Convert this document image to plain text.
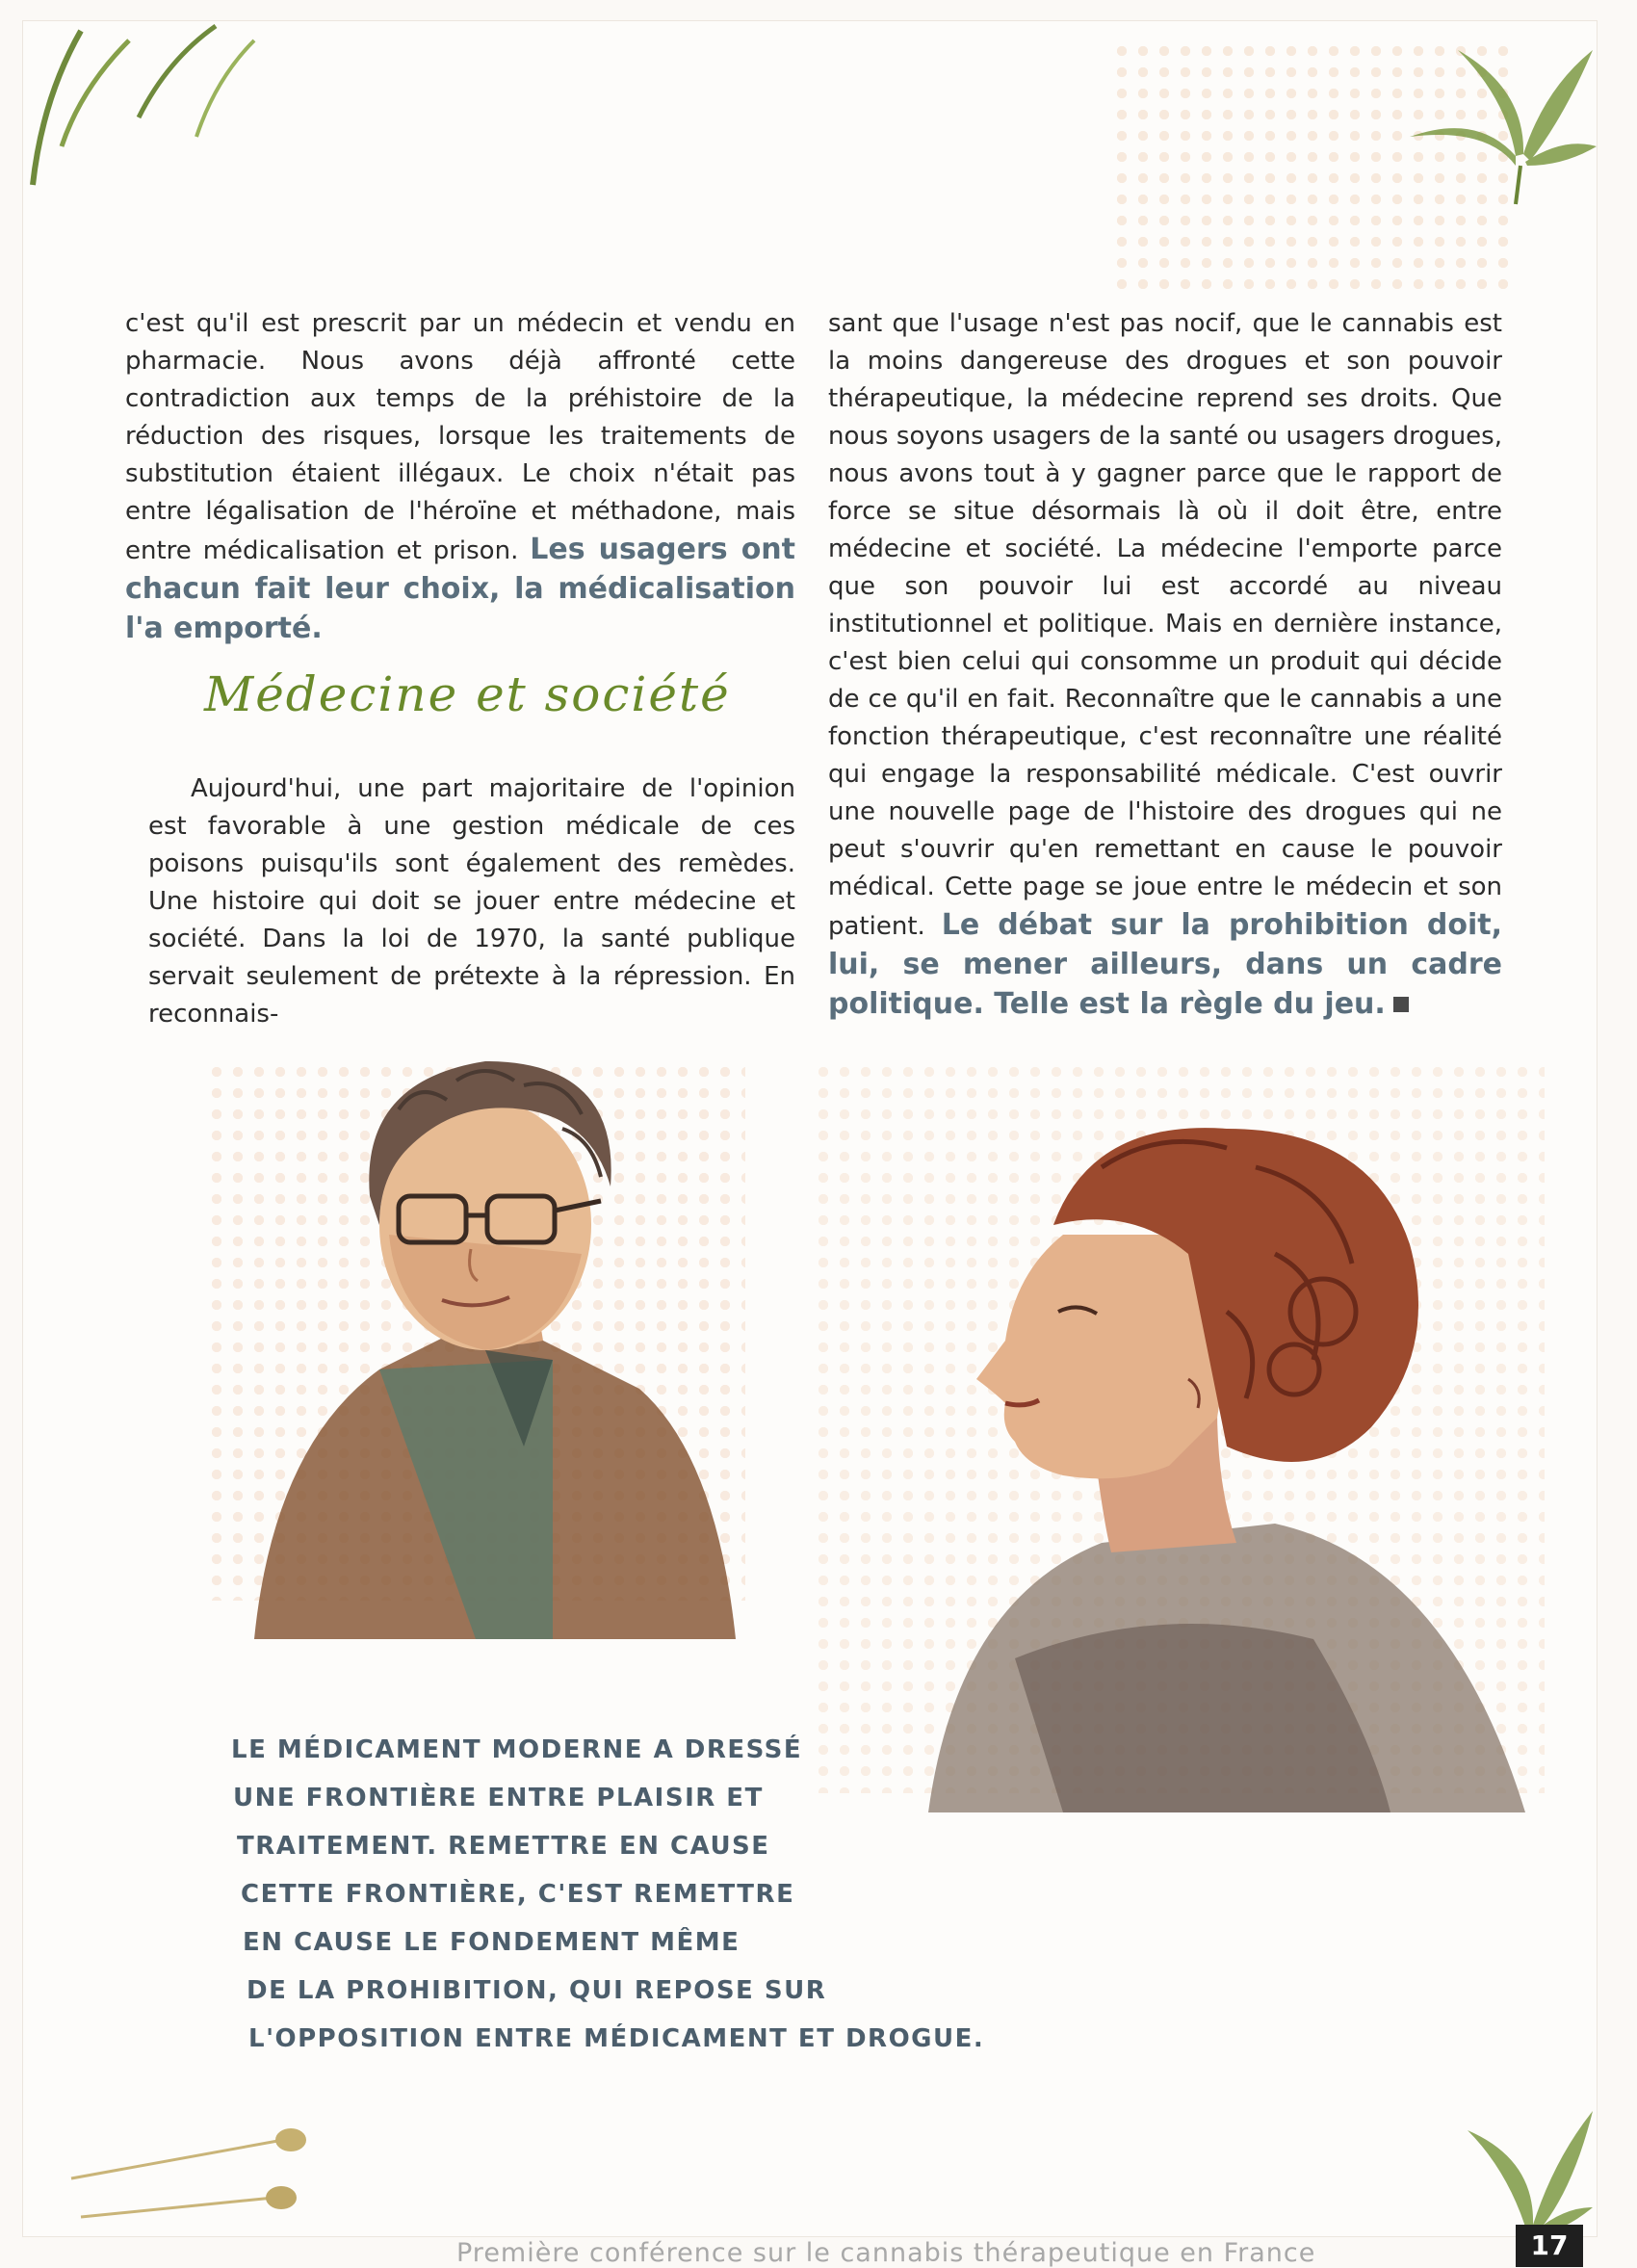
c'est qu'il est prescrit par un médecin et vendu en pharmacie. Nous avons déjà affronté cette contradiction aux temps de la préhistoire de la réduction des risques, lorsque les traitements de substitution étaient illégaux. Le choix n'était pas entre légalisation de l'héroïne et méthadone, mais entre médicalisation et prison. Les usagers ont chacun fait leur choix, la médicalisation l'a emporté.

Médecine et société

Aujourd'hui, une part majoritaire de l'opinion est favorable à une gestion médicale de ces poisons puisqu'ils sont également des remèdes. Une histoire qui doit se jouer entre médecine et société. Dans la loi de 1970, la santé publique servait seulement de prétexte à la répression. En reconnais-

sant que l'usage n'est pas nocif, que le cannabis est la moins dangereuse des drogues et son pouvoir thérapeutique, la médecine reprend ses droits. Que nous soyons usagers de la santé ou usagers drogues, nous avons tout à y gagner parce que le rapport de force se situe désormais là où il doit être, entre médecine et société. La médecine l'emporte parce que son pouvoir lui est accordé au niveau institutionnel et politique. Mais en dernière instance, c'est bien celui qui consomme un produit qui décide de ce qu'il en fait. Reconnaître que le cannabis a une fonction thérapeutique, c'est reconnaître une réalité qui engage la responsabilité médicale. C'est ouvrir une nouvelle page de l'histoire des drogues qui ne peut s'ouvrir qu'en remettant en cause le pouvoir médical. Cette page se joue entre le médecin et son patient. Le débat sur la prohibition doit, lui, se mener ailleurs, dans un cadre politique. Telle est la règle du jeu.

LE MÉDICAMENT MODERNE A DRESSÉ
UNE FRONTIÈRE ENTRE PLAISIR ET
TRAITEMENT. REMETTRE EN CAUSE
CETTE FRONTIÈRE, C'EST REMETTRE
EN CAUSE LE FONDEMENT MÊME
DE LA PROHIBITION, QUI REPOSE SUR
L'OPPOSITION ENTRE MÉDICAMENT ET DROGUE.
Première conférence sur le cannabis thérapeutique en France	17
